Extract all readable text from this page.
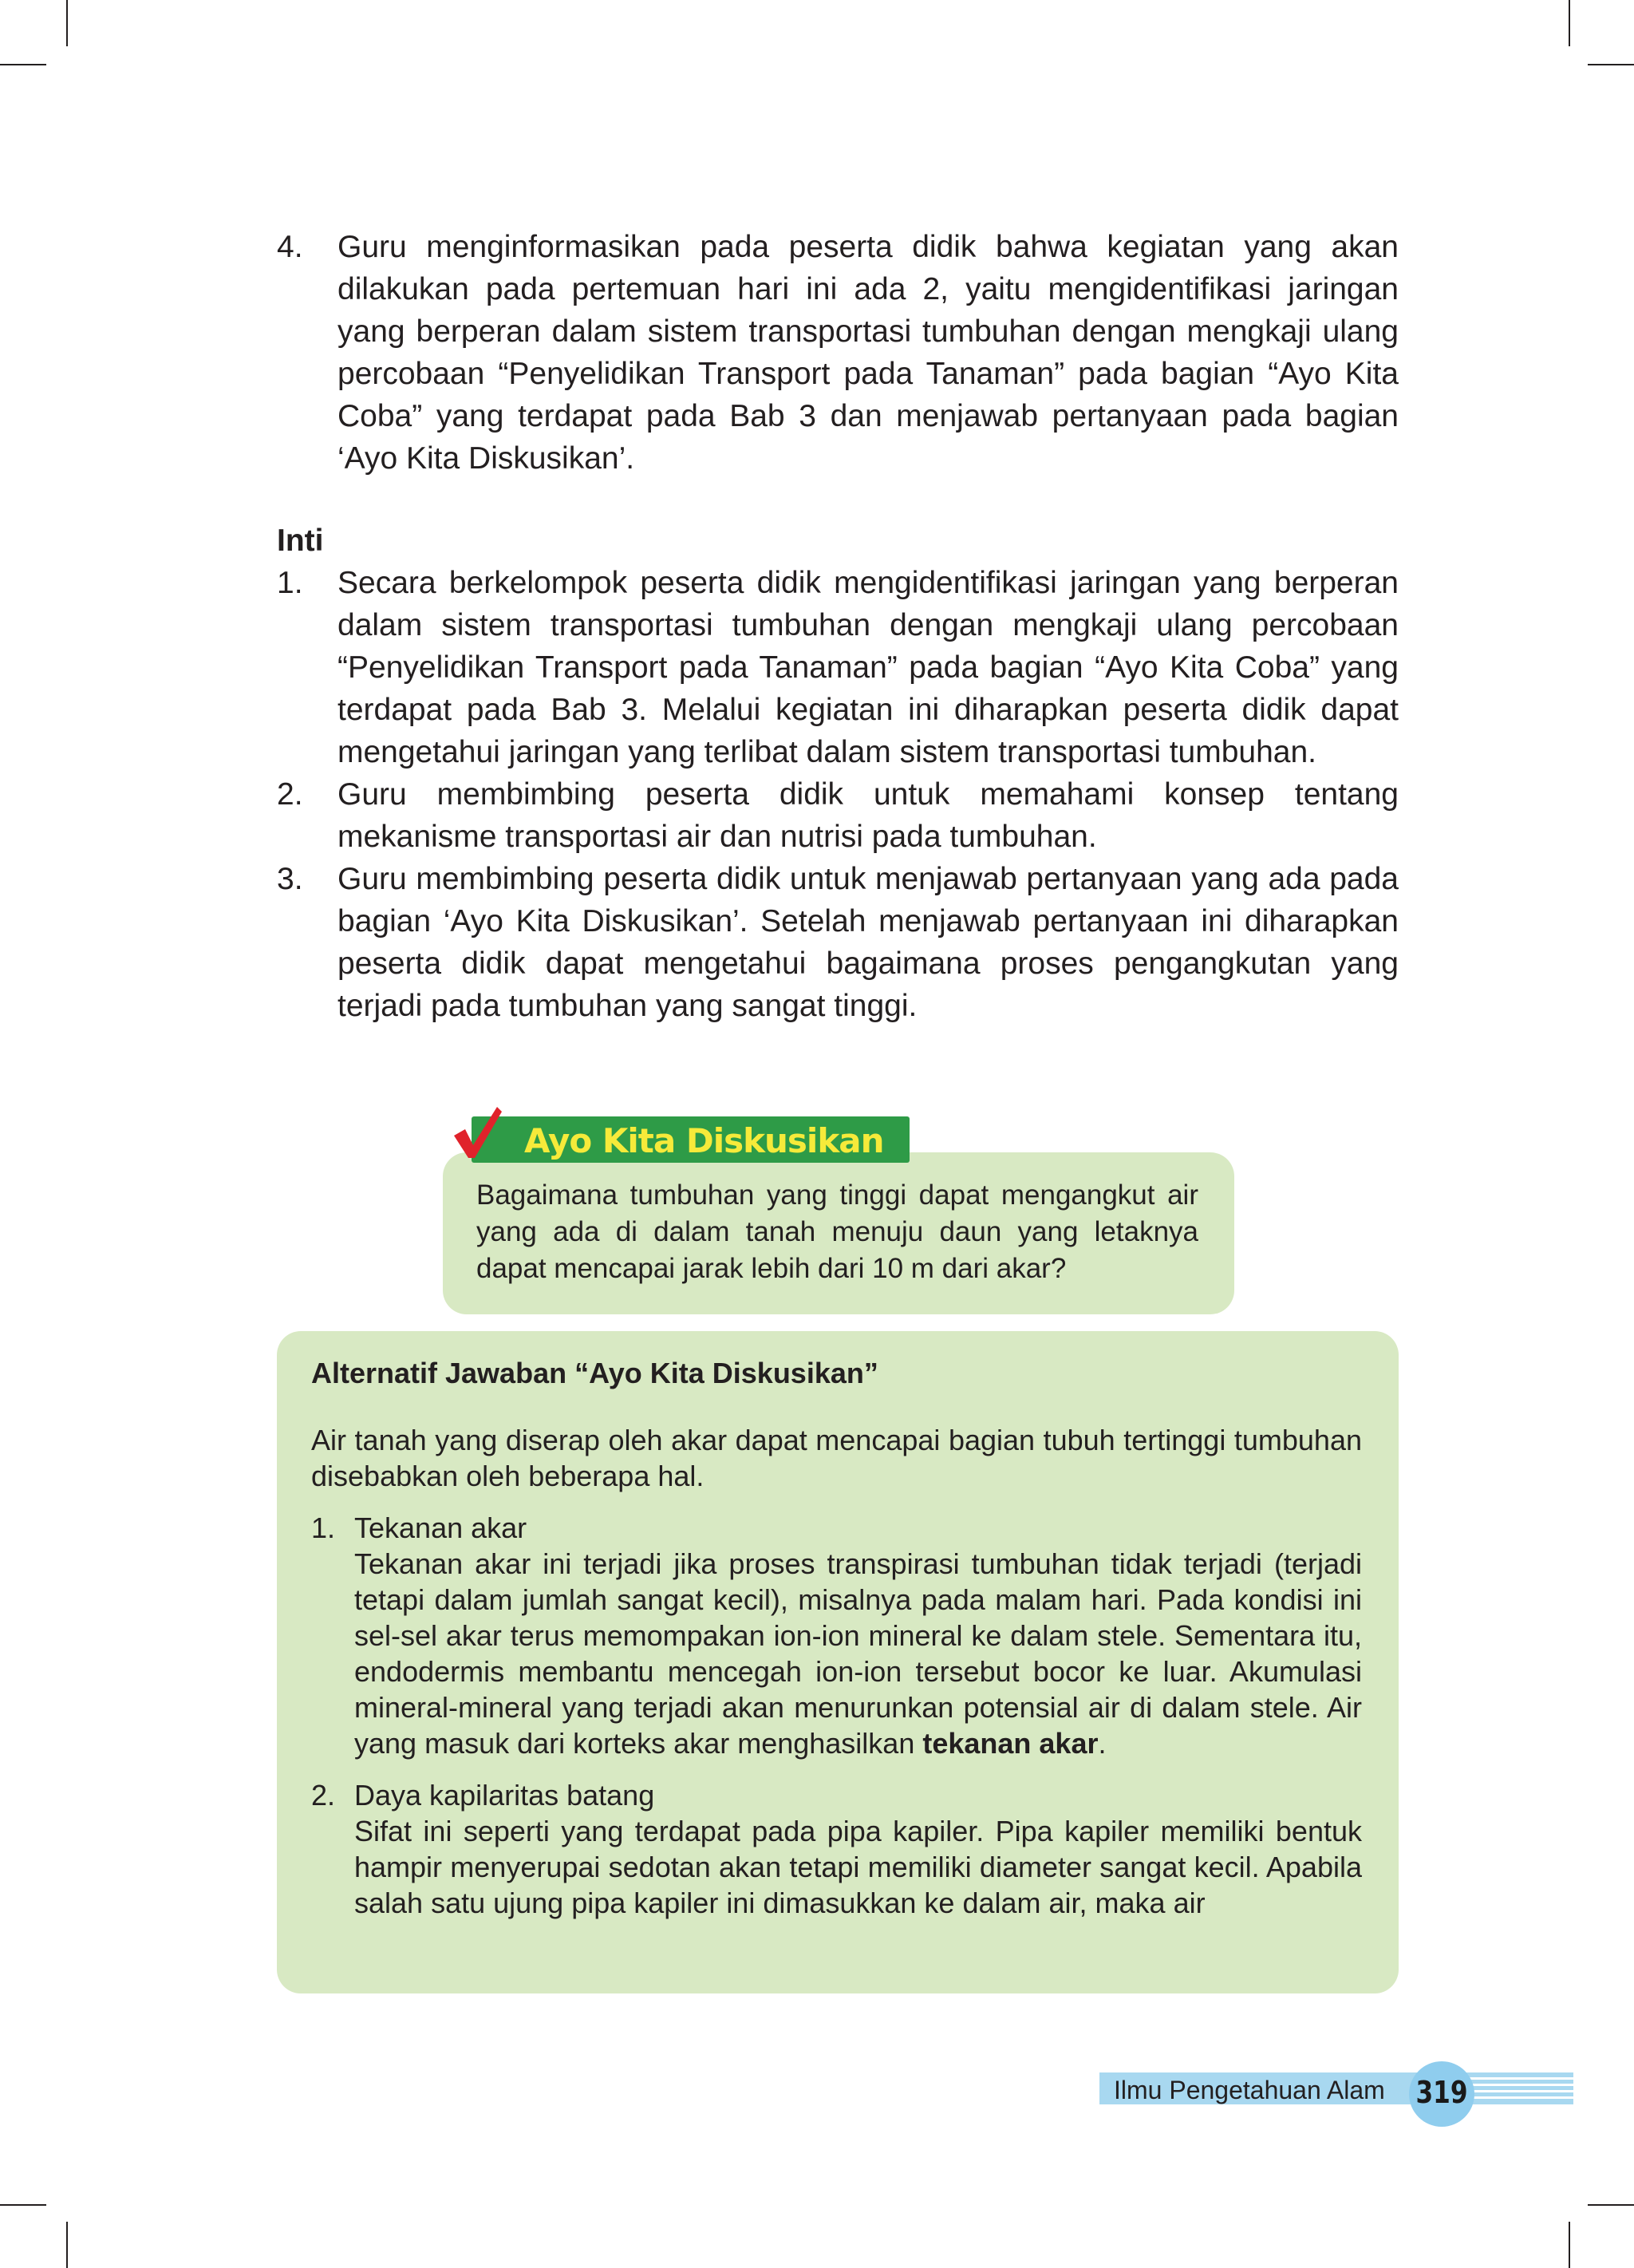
4.	Guru menginformasikan pada peserta didik bahwa kegiatan yang akan dilakukan pada pertemuan hari ini ada 2, yaitu mengidentifikasi jaringan yang berperan dalam sistem transportasi tumbuhan dengan mengkaji ulang percobaan “Penyelidikan Transport pada Tanaman” pada bagian “Ayo Kita Coba” yang terdapat pada Bab 3 dan menjawab pertanyaan pada bagian ‘Ayo Kita Diskusikan’.
Inti
1.	Secara berkelompok peserta didik mengidentifikasi jaringan yang berperan dalam sistem transportasi tumbuhan dengan mengkaji ulang percobaan “Penyelidikan Transport pada Tanaman” pada bagian “Ayo Kita Coba” yang terdapat pada Bab 3. Melalui kegiatan ini diharapkan peserta didik dapat mengetahui jaringan yang terlibat dalam sistem transportasi tumbuhan.
2.	Guru membimbing peserta didik untuk memahami konsep tentang mekanisme transportasi air dan nutrisi pada tumbuhan.
3.	Guru membimbing peserta didik untuk menjawab pertanyaan yang ada pada bagian ‘Ayo Kita Diskusikan’. Setelah menjawab pertanyaan ini diharapkan peserta didik dapat mengetahui bagaimana proses pengangkutan yang terjadi pada tumbuhan yang sangat tinggi.
Bagaimana tumbuhan yang tinggi dapat mengangkut air yang ada di dalam tanah menuju daun yang letaknya dapat mencapai jarak lebih dari 10 m dari akar?
Ayo Kita Diskusikan
Alternatif Jawaban “Ayo Kita Diskusikan”
Air tanah yang diserap oleh akar dapat mencapai bagian tubuh tertinggi tumbuhan disebabkan oleh beberapa hal.
1. Tekanan akar
Tekanan akar ini terjadi jika proses transpirasi tumbuhan tidak terjadi (terjadi tetapi dalam jumlah sangat kecil), misalnya pada malam hari. Pada kondisi ini sel-sel akar terus memompakan ion-ion mineral ke dalam stele. Sementara itu, endodermis membantu mencegah ion-ion tersebut bocor ke luar. Akumulasi mineral-mineral yang terjadi akan menurunkan potensial air di dalam stele. Air yang masuk dari korteks akar menghasilkan tekanan akar.
2. Daya kapilaritas batang
Sifat ini seperti yang terdapat pada pipa kapiler. Pipa kapiler memiliki bentuk hampir menyerupai sedotan akan tetapi memiliki diameter sangat kecil. Apabila salah satu ujung pipa kapiler ini dimasukkan ke dalam air, maka air
Ilmu Pengetahuan Alam 319
